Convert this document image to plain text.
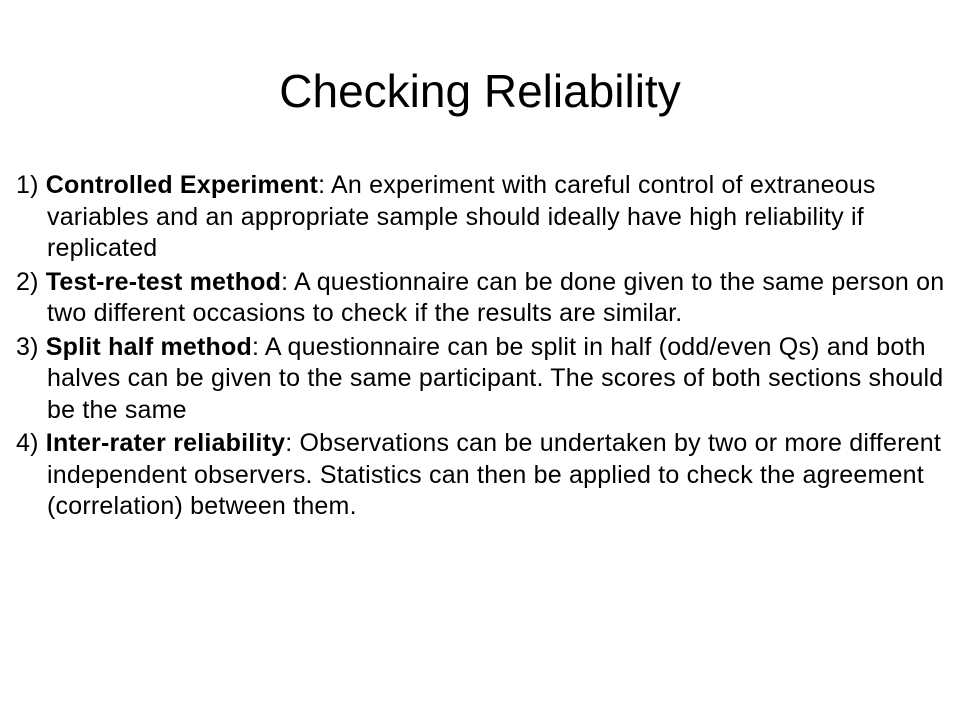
Checking Reliability
1) Controlled Experiment: An experiment with careful control of extraneous variables and an appropriate sample should ideally have high reliability if replicated
2) Test-re-test method: A questionnaire can be done given to the same person on two different occasions to check if the results are similar.
3) Split half method: A questionnaire can be split in half (odd/even Qs) and both halves can be given to the same participant. The scores of both sections should be the same
4) Inter-rater reliability: Observations can be undertaken by two or more different independent observers. Statistics can then be applied to check the agreement (correlation) between them.
